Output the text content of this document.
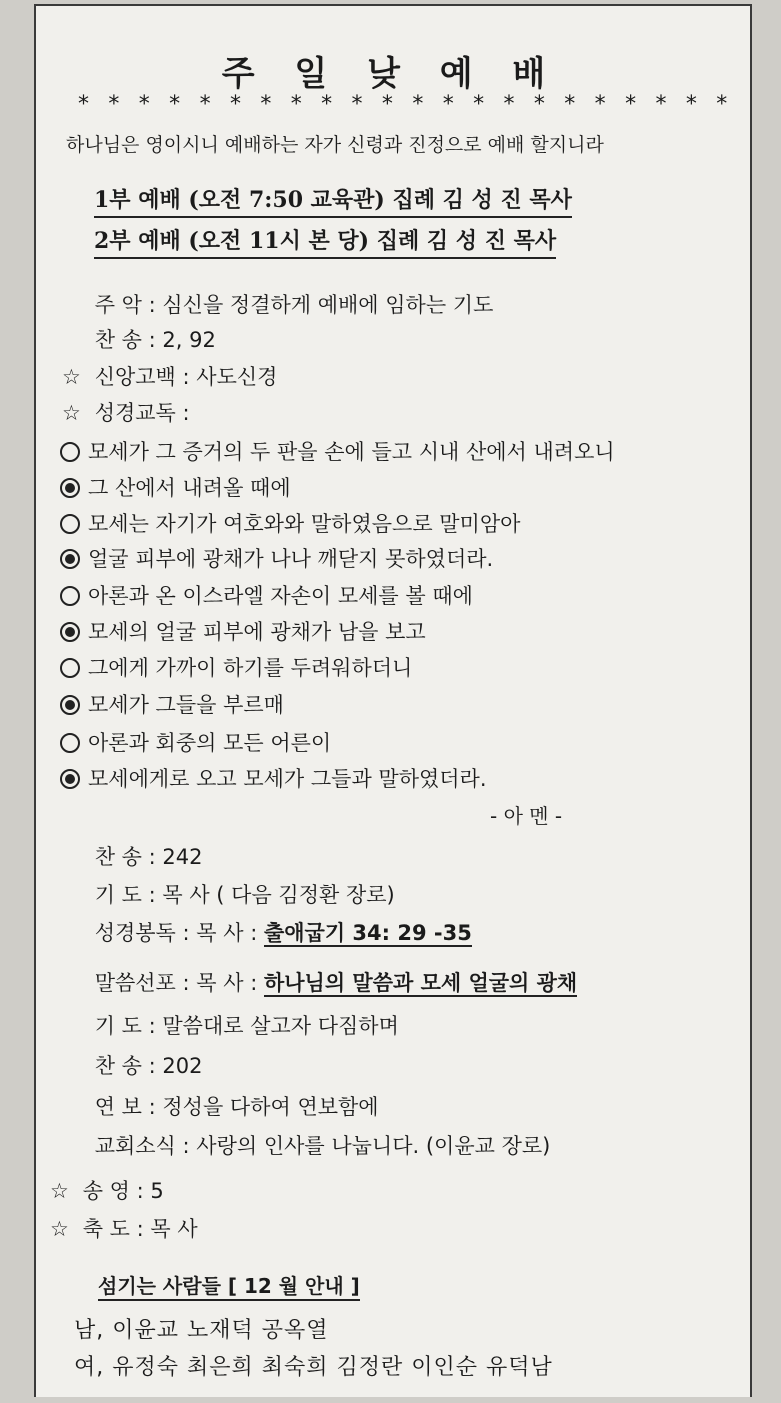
주 일 낮 예 배
* * * * * * * * * * * * * * * * * * * * * *
하나님은 영이시니 예배하는 자가 신령과 진정으로 예배 할지니라
1부 예배 (오전 7:50 교육관) 집례 김 성 진 목사
2부 예배 (오전 11시 본 당) 집례 김 성 진 목사
주 악 : 심신을 정결하게 예배에 임하는 기도
찬 송 : 2, 92
☆ 신앙고백 : 사도신경
☆ 성경교독 :
모세가 그 증거의 두 판을 손에 들고 시내 산에서 내려오니
그 산에서 내려올 때에
모세는 자기가 여호와와 말하였음으로 말미암아
얼굴 피부에 광채가 나나 깨닫지 못하였더라.
아론과 온 이스라엘 자손이 모세를 볼 때에
모세의 얼굴 피부에 광채가 남을 보고
그에게 가까이 하기를 두려워하더니
모세가 그들을 부르매
아론과 회중의 모든 어른이
모세에게로 오고 모세가 그들과 말하였더라.
- 아 멘 -
찬 송 : 242
기 도 : 목 사 ( 다음 김정환 장로)
성경봉독 : 목 사 : 출애굽기 34: 29 -35
말씀선포 : 목 사 : 하나님의 말씀과 모세 얼굴의 광채
기 도 : 말씀대로 살고자 다짐하며
찬 송 : 202
연 보 : 정성을 다하여 연보함에
교회소식 : 사랑의 인사를 나눕니다. (이윤교 장로)
☆ 송 영 : 5
☆ 축 도 : 목 사
섬기는 사람들 [ 12 월 안내 ]
남, 이윤교 노재덕 공옥열
여, 유정숙 최은희 최숙희 김정란 이인순 유덕남
